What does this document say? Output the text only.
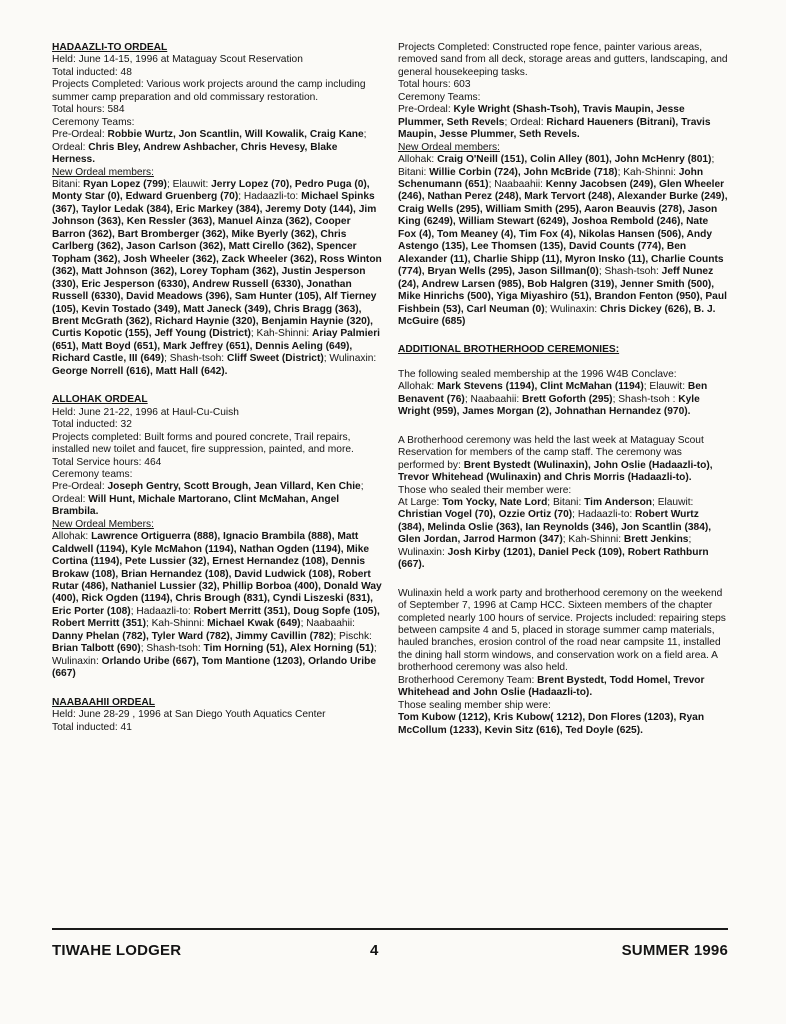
HADAAZLI-TO ORDEAL

Held: June 14-15, 1996 at Mataguay Scout Reservation

Total inducted: 48

Projects Completed: Various work projects around the camp including summer camp preparation and old commissary restoration.

Total hours: 584

Ceremony Teams:

Pre-Ordeal: Robbie Wurtz, Jon Scantlin, Will Kowalik, Craig Kane; Ordeal: Chris Bley, Andrew Ashbacher, Chris Hevesy, Blake Herness.

New Ordeal members:

Bitani: Ryan Lopez (799); Elauwit: Jerry Lopez (70), Pedro Puga (0), Monty Star (0), Edward Gruenberg (70); Hadaazli-to: Michael Spinks (367), Taylor Ledak (384), Eric Markey (384), Jeremy Doty (144), Jim Johnson (363), Ken Ressler (363), Manuel Ainza (362), Cooper Barron (362), Bart Bromberger (362), Mike Byerly (362), Chris Carlberg (362), Jason Carlson (362), Matt Cirello (362), Spencer Topham (362), Josh Wheeler (362), Zack Wheeler (362), Ross Winton (362), Matt Johnson (362), Lorey Topham (362), Justin Jesperson (330), Eric Jesperson (6330), Andrew Russell (6330), Jonathan Russell (6330), David Meadows (396), Sam Hunter (105), Alf Tierney (105), Kevin Tostado (349), Matt Janeck (349), Chris Bragg (363), Brent McGrath (362), Richard Haynie (320), Benjamin Haynie (320), Curtis Kopotic (155), Jeff Young (District); Kah-Shinni: Ariay Palmieri (651), Matt Boyd (651), Mark Jeffrey (651), Dennis Aeling (649), Richard Castle, III (649); Shash-tsoh: Cliff Sweet (District); Wulinaxin: George Norrell (616), Matt Hall (642).

ALLOHAK ORDEAL

Held: June 21-22, 1996 at Haul-Cu-Cuish

Total inducted: 32

Projects completed: Built forms and poured concrete, Trail repairs, installed new toilet and faucet, fire suppression, painted, and more.

Total Service hours: 464

Ceremony teams:

Pre-Ordeal: Joseph Gentry, Scott Brough, Jean Villard, Ken Chie; Ordeal: Will Hunt, Michale Martorano, Clint McMahan, Angel Brambila.

New Ordeal Members:

Allohak: Lawrence Ortiguerra (888), Ignacio Brambila (888), Matt Caldwell (1194), Kyle McMahon (1194), Nathan Ogden (1194), Mike Cortina (1194), Pete Lussier (32), Ernest Hernandez (108), Dennis Brokaw (108), Brian Hernandez (108), David Ludwick (108), Robert Rutar (486), Nathaniel Lussier (32), Phillip Borboa (400), Donald Way (400), Rick Ogden (1194), Chris Brough (831), Cyndi Liszeski (831), Eric Porter (108); Hadaazli-to: Robert Merritt (351), Doug Sopfe (105), Robert Merritt (351); Kah-Shinni: Michael Kwak (649); Naabaahii: Danny Phelan (782), Tyler Ward (782), Jimmy Cavillin (782); Pischk: Brian Talbott (690); Shash-tsoh: Tim Horning (51), Alex Horning (51); Wulinaxin: Orlando Uribe (667), Tom Mantione (1203), Orlando Uribe (667)

NAABAAHII ORDEAL

Held: June 28-29 , 1996 at San Diego Youth Aquatics Center

Total inducted: 41

Projects Completed: Constructed rope fence, painter various areas, removed sand from all deck, storage areas and gutters, landscaping, and general housekeeping tasks.

Total hours: 603

Ceremony Teams:

Pre-Ordeal: Kyle Wright (Shash-Tsoh), Travis Maupin, Jesse Plummer, Seth Revels; Ordeal: Richard Haueners (Bitrani), Travis Maupin, Jesse Plummer, Seth Revels.

New Ordeal members:

Allohak: Craig O'Neill (151), Colin Alley (801), John McHenry (801); Bitani: Willie Corbin (724), John McBride (718); Kah-Shinni: John Schenumann (651); Naabaahii: Kenny Jacobsen (249), Glen Wheeler (246), Nathan Perez (248), Mark Tervort (248), Alexander Burke (249), Craig Wells (295), William Smith (295), Aaron Beauvis (278), Jason King (6249), William Stewart (6249), Joshoa Rembold (246), Nate Fox (4), Tom Meaney (4), Tim Fox (4), Nikolas Hansen (506), Andy Astengo (135), Lee Thomsen (135), David Counts (774), Ben Alexander (11), Charlie Shipp (11), Myron Insko (11), Charlie Counts (774), Bryan Wells (295), Jason Sillman(0); Shash-tsoh: Jeff Nunez (24), Andrew Larsen (985), Bob Halgren (319), Jenner Smith (500), Mike Hinrichs (500), Yiga Miyashiro (51), Brandon Fenton (950), Paul Fishbein (53), Carl Neuman (0); Wulinaxin: Chris Dickey (626), B. J. McGuire (685)

ADDITIONAL BROTHERHOOD CEREMONIES:

The following sealed membership at the 1996 W4B Conclave:

Allohak: Mark Stevens (1194), Clint McMahan (1194); Elauwit: Ben Benavent (76); Naabaahii: Brett Goforth (295); Shash-tsoh : Kyle Wright (959), James Morgan (2), Johnathan Hernandez (970).

A Brotherhood ceremony was held the last week at Mataguay Scout Reservation for members of the camp staff. The ceremony was performed by: Brent Bystedt (Wulinaxin), John Oslie (Hadaazli-to), Trevor Whitehead (Wulinaxin) and Chris Morris (Hadaazli-to).

Those who sealed their member were:

At Large: Tom Yocky, Nate Lord; Bitani: Tim Anderson; Elauwit: Christian Vogel (70), Ozzie Ortiz (70); Hadaazli-to: Robert Wurtz (384), Melinda Oslie (363), Ian Reynolds (346), Jon Scantlin (384), Glen Jordan, Jarrod Harmon (347); Kah-Shinni: Brett Jenkins; Wulinaxin: Josh Kirby (1201), Daniel Peck (109), Robert Rathburn (667).

Wulinaxin held a work party and brotherhood ceremony on the weekend of September 7, 1996 at Camp HCC. Sixteen members of the chapter completed nearly 100 hours of service. Projects included: repairing steps between campsite 4 and 5, placed in storage summer camp materials, hauled branches, erosion control of the road near campsite 11, installed the dining hall storm windows, and conservation work on a field area. A brotherhood ceremony was also held.

Brotherhood Ceremony Team: Brent Bystedt, Todd Homel, Trevor Whitehead and John Oslie (Hadaazli-to).

Those sealing member ship were:

Tom Kubow (1212), Kris Kubow( 1212), Don Flores (1203), Ryan McCollum (1233), Kevin Sitz (616), Ted Doyle (625).

TIWAHE LODGER	4	SUMMER 1996
